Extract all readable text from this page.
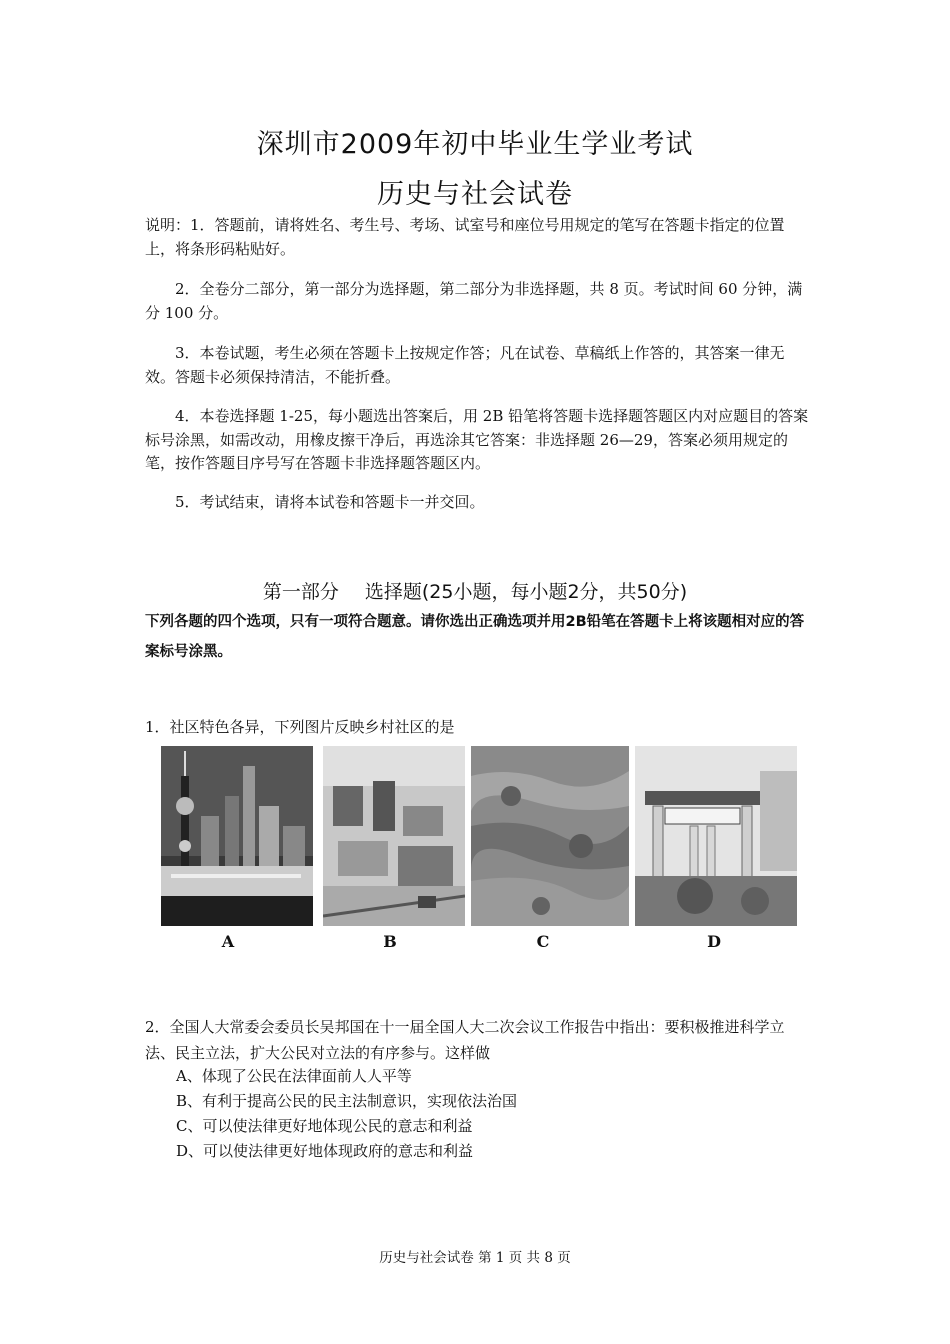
深圳市2009年初中毕业生学业考试
历史与社会试卷
说明：1．答题前，请将姓名、考生号、考场、试室号和座位号用规定的笔写在答题卡指定的位置上，将条形码粘贴好。
2．全卷分二部分，第一部分为选择题，第二部分为非选择题，共 8 页。考试时间 60 分钟，满分 100 分。
3．本卷试题，考生必须在答题卡上按规定作答；凡在试卷、草稿纸上作答的，其答案一律无效。答题卡必须保持清洁，不能折叠。
4．本卷选择题 1-25，每小题选出答案后，用 2B 铅笔将答题卡选择题答题区内对应题目的答案标号涂黑，如需改动，用橡皮擦干净后，再选涂其它答案：非选择题 26—29，答案必须用规定的笔，按作答题目序号写在答题卡非选择题答题区内。
5．考试结束，请将本试卷和答题卡一并交回。
第一部分 选择题(25小题，每小题2分，共50分)
下列各题的四个选项，只有一项符合题意。请你选出正确选项并用2B铅笔在答题卡上将该题相对应的答案标号涂黑。
1．社区特色各异，下列图片反映乡村社区的是
A	B	C	D
2．全国人大常委会委员长吴邦国在十一届全国人大二次会议工作报告中指出：要积极推进科学立法、民主立法，扩大公民对立法的有序参与。这样做
A、体现了公民在法律面前人人平等
B、有利于提高公民的民主法制意识，实现依法治国
C、可以使法律更好地体现公民的意志和利益
D、可以使法律更好地体现政府的意志和利益
历史与社会试卷 第 1 页 共 8 页
